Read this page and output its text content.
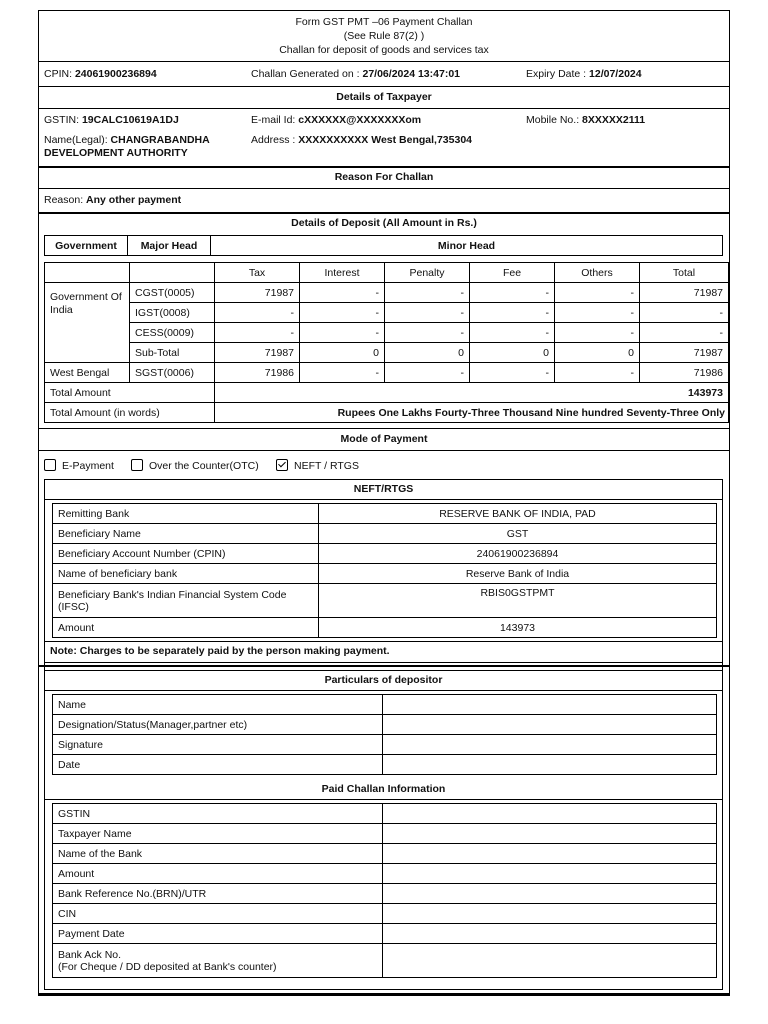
Form GST PMT –06 Payment Challan
(See Rule 87(2) )
Challan for deposit of goods and services tax
CPIN: 24061900236894	Challan Generated on : 27/06/2024 13:47:01	Expiry Date : 12/07/2024
Details of Taxpayer
GSTIN: 19CALC10619A1DJ	E-mail Id: cXXXXXX@XXXXXXXom	Mobile No.: 8XXXXX2111
Name(Legal): CHANGRABANDHA
DEVELOPMENT AUTHORITY
Address : XXXXXXXXXX West Bengal,735304
Reason For Challan
Reason: Any other payment
Details of Deposit (All Amount in Rs.)
Government	Major Head	Minor Head
		Tax	Interest	Penalty	Fee	Others	Total
Government Of India	CGST(0005)	71987	-	-	-	-	71987
	IGST(0008)	-	-	-	-	-	-
	CESS(0009)	-	-	-	-	-	-
	Sub-Total	71987	0	0	0	0	71987
West Bengal	SGST(0006)	71986	-	-	-	-	71986
Total Amount		143973					
Total Amount (in words)		Rupees One Lakhs Fourty-Three Thousand Nine hundred Seventy-Three Only					
Mode of Payment
E-Payment	Over the Counter(OTC)	NEFT / RTGS
NEFT/RTGS
Remitting Bank	RESERVE BANK OF INDIA, PAD
Beneficiary Name	GST
Beneficiary Account Number (CPIN)	24061900236894
Name of beneficiary bank	Reserve Bank of India
Beneficiary Bank's Indian Financial System Code (IFSC)	RBIS0GSTPMT
Amount	143973
Note: Charges to be separately paid by the person making payment.
Particulars of depositor
Name	
Designation/Status(Manager,partner etc)	
Signature	
Date	
Paid Challan Information
GSTIN	
Taxpayer Name	
Name of the Bank	
Amount	
Bank Reference No.(BRN)/UTR	
CIN	
Payment Date	
Bank Ack No.
(For Cheque / DD deposited at Bank's counter)	
